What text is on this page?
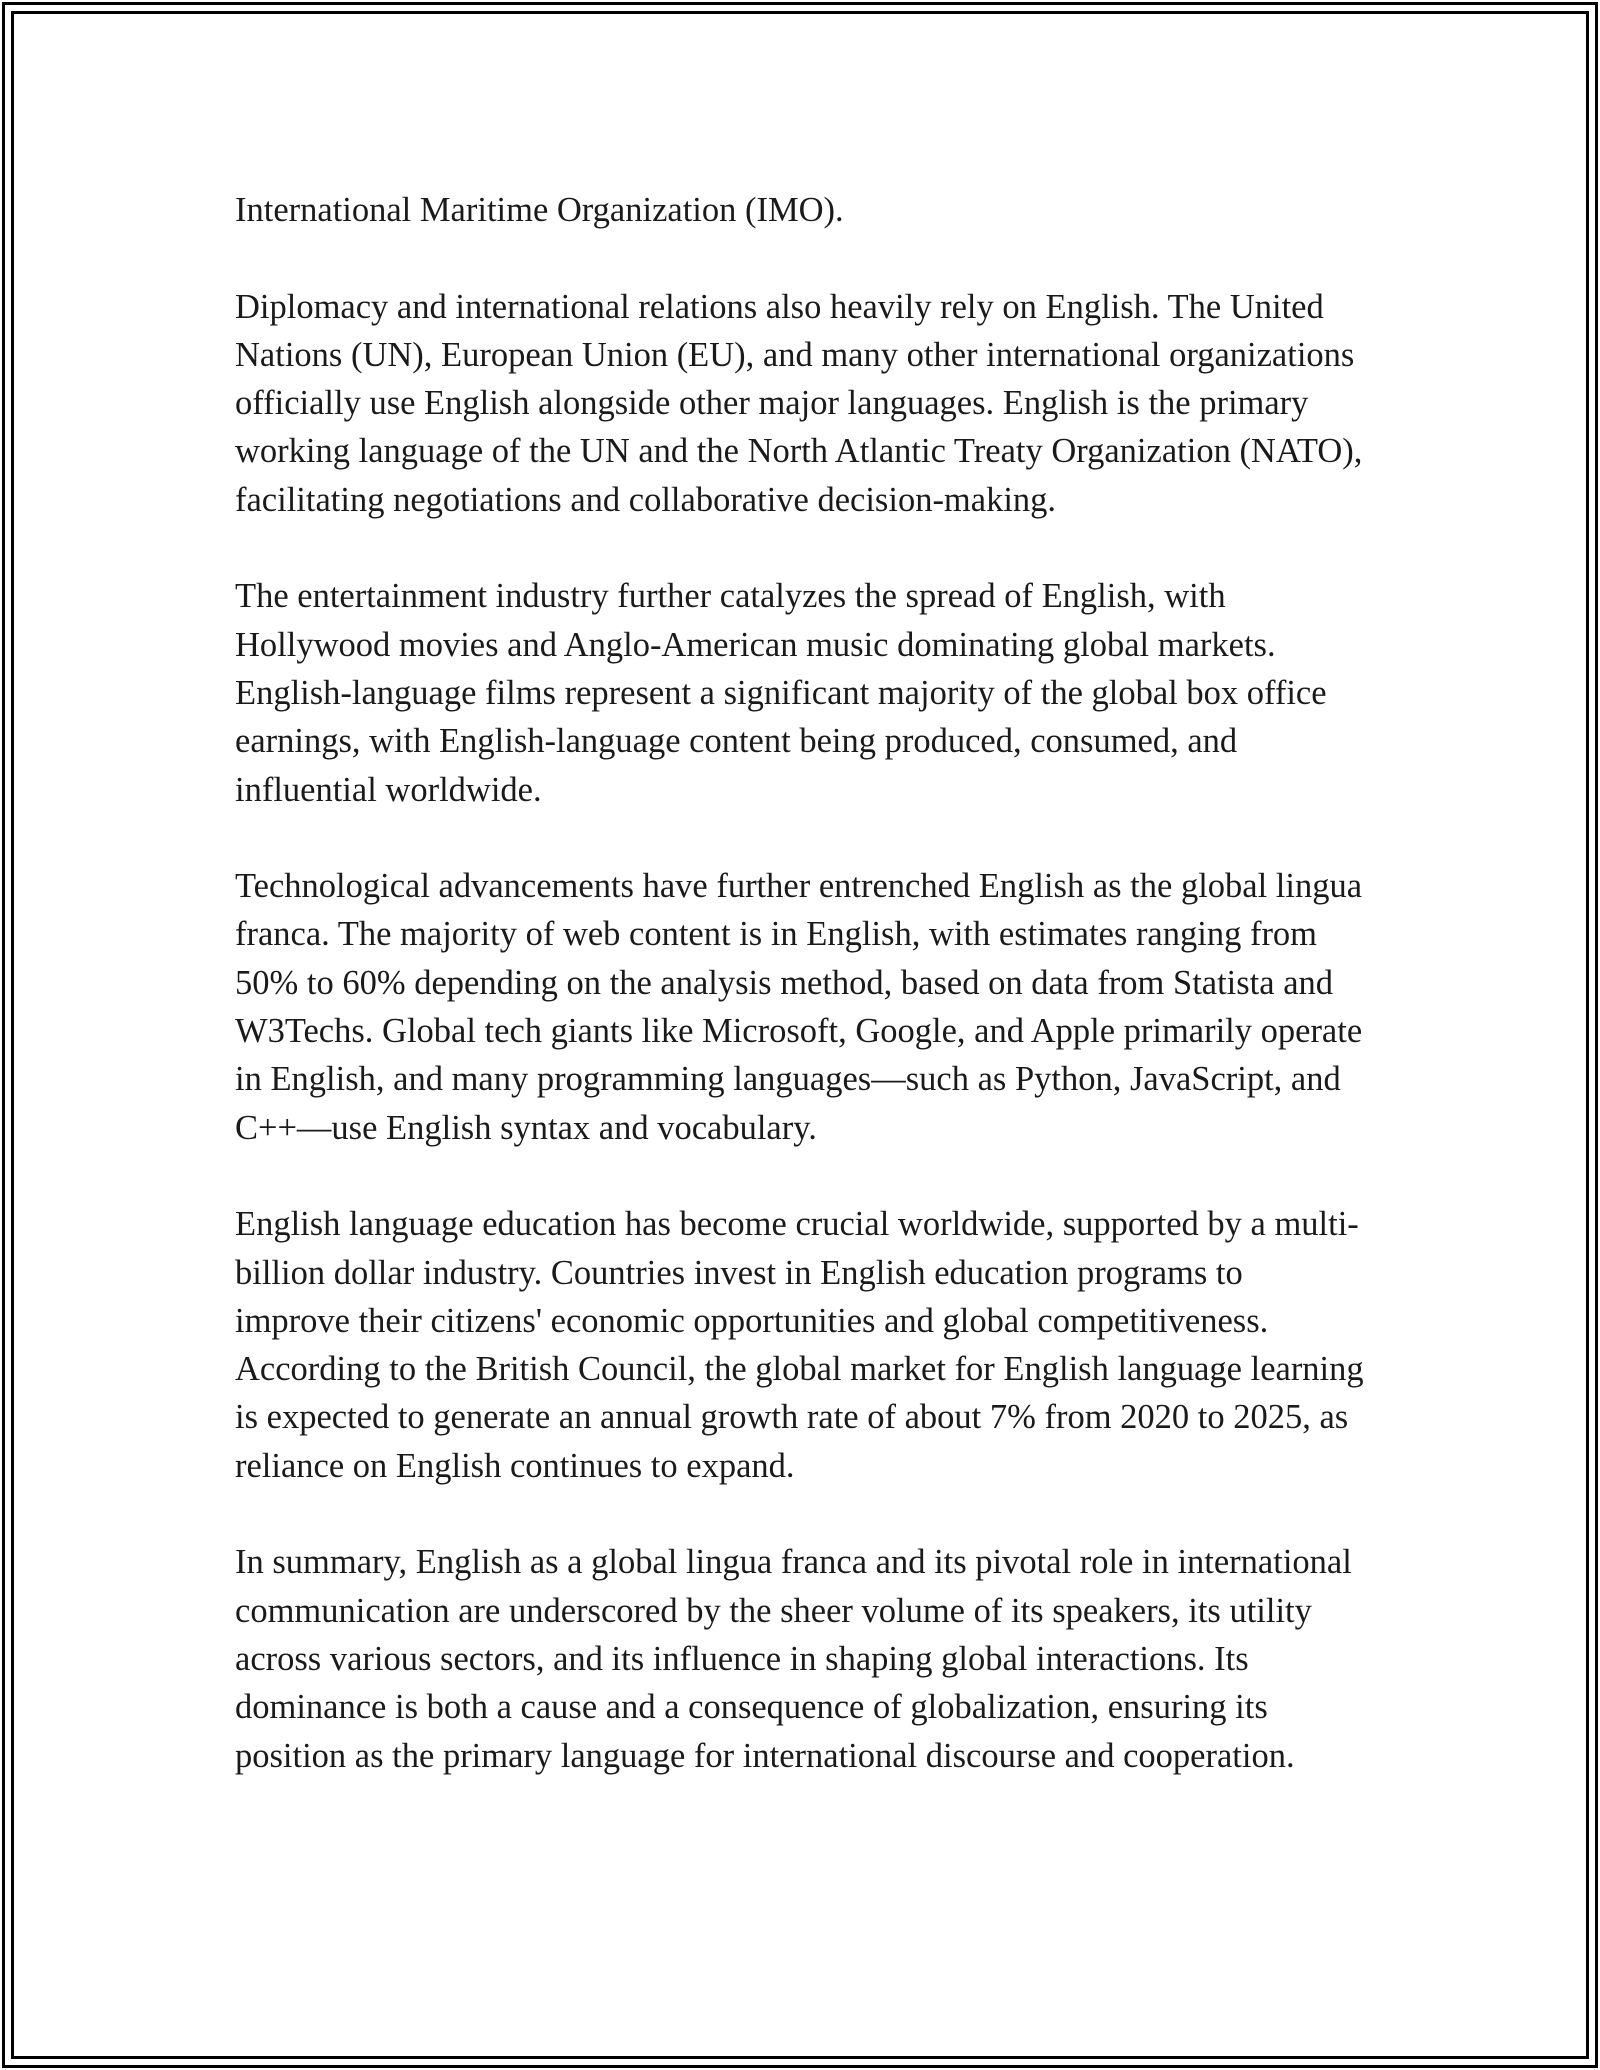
International Maritime Organization (IMO).

Diplomacy and international relations also heavily rely on English. The United Nations (UN), European Union (EU), and many other international organizations officially use English alongside other major languages. English is the primary working language of the UN and the North Atlantic Treaty Organization (NATO), facilitating negotiations and collaborative decision-making.

The entertainment industry further catalyzes the spread of English, with Hollywood movies and Anglo-American music dominating global markets. English-language films represent a significant majority of the global box office earnings, with English-language content being produced, consumed, and influential worldwide.

Technological advancements have further entrenched English as the global lingua franca. The majority of web content is in English, with estimates ranging from 50% to 60% depending on the analysis method, based on data from Statista and W3Techs. Global tech giants like Microsoft, Google, and Apple primarily operate in English, and many programming languages—such as Python, JavaScript, and C++—use English syntax and vocabulary.

English language education has become crucial worldwide, supported by a multi-billion dollar industry. Countries invest in English education programs to improve their citizens' economic opportunities and global competitiveness. According to the British Council, the global market for English language learning is expected to generate an annual growth rate of about 7% from 2020 to 2025, as reliance on English continues to expand.

In summary, English as a global lingua franca and its pivotal role in international communication are underscored by the sheer volume of its speakers, its utility across various sectors, and its influence in shaping global interactions. Its dominance is both a cause and a consequence of globalization, ensuring its position as the primary language for international discourse and cooperation.
